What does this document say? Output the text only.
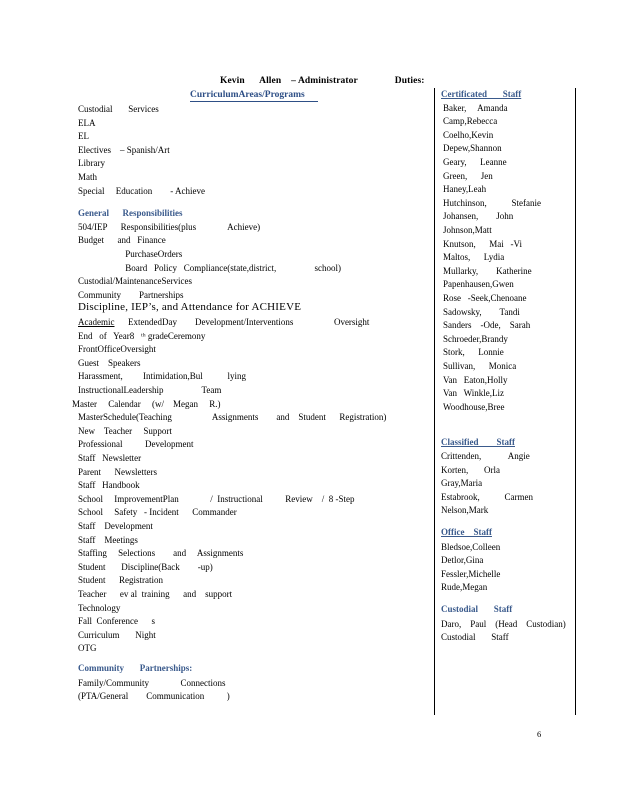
Kevin      Allen    – Administrator               Duties:
CurriculumAreas/Programs
Custodial       Services
ELA
EL
Electives    – Spanish/Art
Library
Math
Special     Education        - Achieve
General      Responsibilities
504/IEP      Responsibilities(plus              Achieve)
Budget      and   Finance
PurchaseOrders
Board   Policy   Compliance(state,district,                 school)
Custodial/MaintenanceServices
Community        Partnerships
Discipline, IEP’s, and Attendance for ACHIEVE
Academic      ExtendedDay        Development/Interventions                  Oversight
End   of   Year8   ᵗʰ gradeCeremony
FrontOfficeOversight
Guest    Speakers
Harassment,         Intimidation,Bul           lying
InstructionalLeadership                 Team
Master     Calendar     (w/    Megan     R.)
MasterSchedule(Teaching                  Assignments        and    Student      Registration)
New    Teacher     Support
Professional          Development
Staff   Newsletter
Parent      Newsletters
Staff   Handbook
School     ImprovementPlan              /  Instructional          Review    /  8 -Step
School     Safety   - Incident      Commander
Staff    Development
Staff    Meetings
Staffing     Selections        and     Assignments
Student       Discipline(Back        -up)
Student      Registration
Teacher      ev al  training      and    support
Technology
Fall  Conference      s
Curriculum       Night
OTG
Community       Partnerships:
Family/Community              Connections
(PTA/General        Communication          )
Certificated       Staff
Baker,     Amanda
Camp,Rebecca
Coelho,Kevin
Depew,Shannon
Geary,      Leanne
Green,      Jen
Haney,Leah
Hutchinson,           Stefanie
Johansen,        John
Johnson,Matt
Knutson,      Mai   -Vi
Maltos,      Lydia
Mullarky,        Katherine
Papenhausen,Gwen
Rose   -Seek,Chenoane
Sadowsky,        Tandi
Sanders    -Ode,    Sarah
Schroeder,Brandy
Stork,      Lonnie
Sullivan,      Monica
Van   Eaton,Holly
Van   Winkle,Liz
Woodhouse,Bree
Classified        Staff
Crittenden,            Angie
Korten,       Orla
Gray,Maria
Estabrook,           Carmen
Nelson,Mark
Office    Staff
Bledsoe,Colleen
Detlor,Gina
Fessler,Michelle
Rude,Megan
Custodial       Staff
Daro,    Paul    (Head    Custodian)
Custodial       Staff
6
